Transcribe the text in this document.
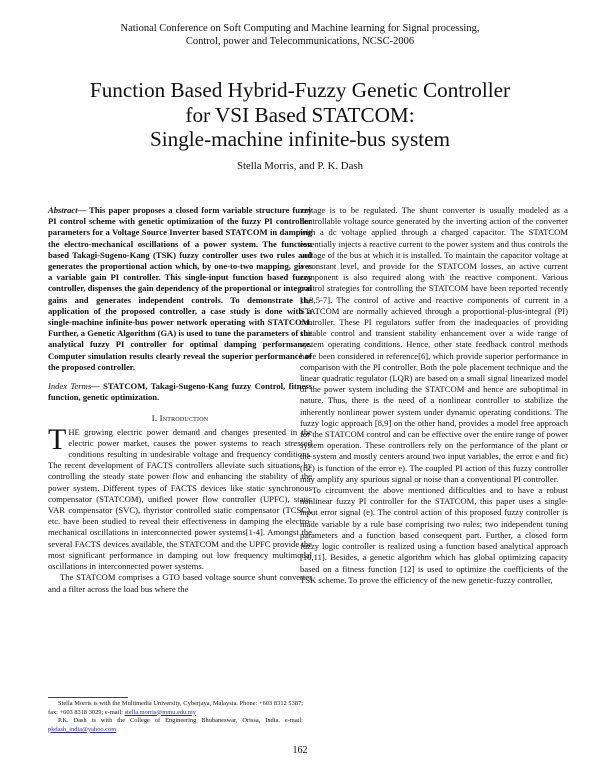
National Conference on Soft Computing and Machine learning for Signal processing,
Control, power and Telecommunications, NCSC-2006
Function Based Hybrid-Fuzzy Genetic Controller
for VSI Based STATCOM:
Single-machine infinite-bus system
Stella Morris, and P. K. Dash

Abstract— This paper proposes a closed form variable structure fuzzy PI control scheme with genetic optimization of the fuzzy PI controller parameters for a Voltage Source Inverter based STATCOM in damping the electro-mechanical oscillations of a power system. The function based Takagi-Sugeno-Kang (TSK) fuzzy controller uses two rules and generates the proportional action which, by one-to-two mapping, gives a variable gain PI controller. This single-input function based fuzzy controller, dispenses the gain dependency of the proportional or integral gains and generates independent controls. To demonstrate the application of the proposed controller, a case study is done with a single-machine infinite-bus power network operating with STATCOM. Further, a Genetic Algorithm (GA) is used to tune the parameters of the analytical fuzzy PI controller for optimal damping performance. Computer simulation results clearly reveal the superior performance of the proposed controller.

Index Terms— STATCOM, Takagi-Sugeno-Kang fuzzy Control, fitness function, genetic optimization.

I. Introduction

THE growing electric power demand and changes presented in the electric power market, causes the power systems to reach stressed conditions resulting in undesirable voltage and frequency conditions. The recent development of FACTS controllers alleviate such situations by controlling the steady state power flow and enhancing the stability of the power system. Different types of FACTS devices like static synchronous compensator (STATCOM), unified power flow controller (UPFC), static VAR compensator (SVC), thyristor controlled static compensator (TCSC), etc. have been studied to reveal their effectiveness in damping the electro-mechanical oscillations in interconnected power systems[1-4]. Amongst the several FACTS devices available, the STATCOM and the UPFC provide the most significant performance in damping out low frequency multimodal oscillations in interconnected power systems.

The STATCOM comprises a GTO based voltage source shunt converter and a filter across the load bus where the

voltage is to be regulated. The shunt converter is usually modeled as a controllable voltage source generated by the inverting action of the converter with a dc voltage applied through a charged capacitor. The STATCOM essentially injects a reactive current to the power system and thus controls the voltage of the bus at which it is installed. To maintain the capacitor voltage at a constant level, and provide for the STATCOM losses, an active current component is also required along with the reactive component. Various control strategies for controlling the STATCOM have been reported recently [1,3,5-7]. The control of active and reactive components of current in a STATCOM are normally achieved through a proportional-plus-integral (PI) controller. These PI regulators suffer from the inadequacies of providing suitable control and transient stability enhancement over a wide range of system operating conditions. Hence, other state feedback control methods have been considered in reference[6], which provide superior performance in comparison with the PI controller. Both the pole placement technique and the linear quadratic regulator (LQR) are based on a small signal linearized model of the power system including the STATCOM and hence are suboptimal in nature. Thus, there is the need of a nonlinear controller to stabilize the inherently nonlinear power system under dynamic operating conditions. The fuzzy logic approach [8,9] on the other hand, provides a model free approach for the STATCOM control and can be effective over the entire range of power system operation. These controllers rely on the performance of the plant or the system and mostly centers around two input variables, the error e and fic) (fic) is function of the error e). The coupled PI action of this fuzzy controller may amplify any spurious signal or noise than a conventional PI controller.

To circumvent the above mentioned difficulties and to have a robust nonlinear fuzzy PI controller for the STATCOM, this paper uses a single-input error signal (e). The control action of this proposed fuzzy controller is made variable by a rule base comprising two rules; two independent tuning parameters and a function based consequent part. Further, a closed form fuzzy logic controller is realized using a function based analytical approach [10,11]. Besides, a genetic algorithm which has global optimizing capacity based on a fitness function [12] is used to optimize the coefficients of the TSK scheme. To prove the efficiency of the new genetic-fuzzy controller,

Stella Morris is with the Multimedia University, Cyberjaya, Malaysia. Phone: +603 8312 5387; fax: +603 8318 3029; e-mail: stella.morris@mmu.edu.my

P.K. Dash is with the College of Engineering Bhubaneswar, Orissa, India. e-mail: pkdash_india@yahoo.com

162
